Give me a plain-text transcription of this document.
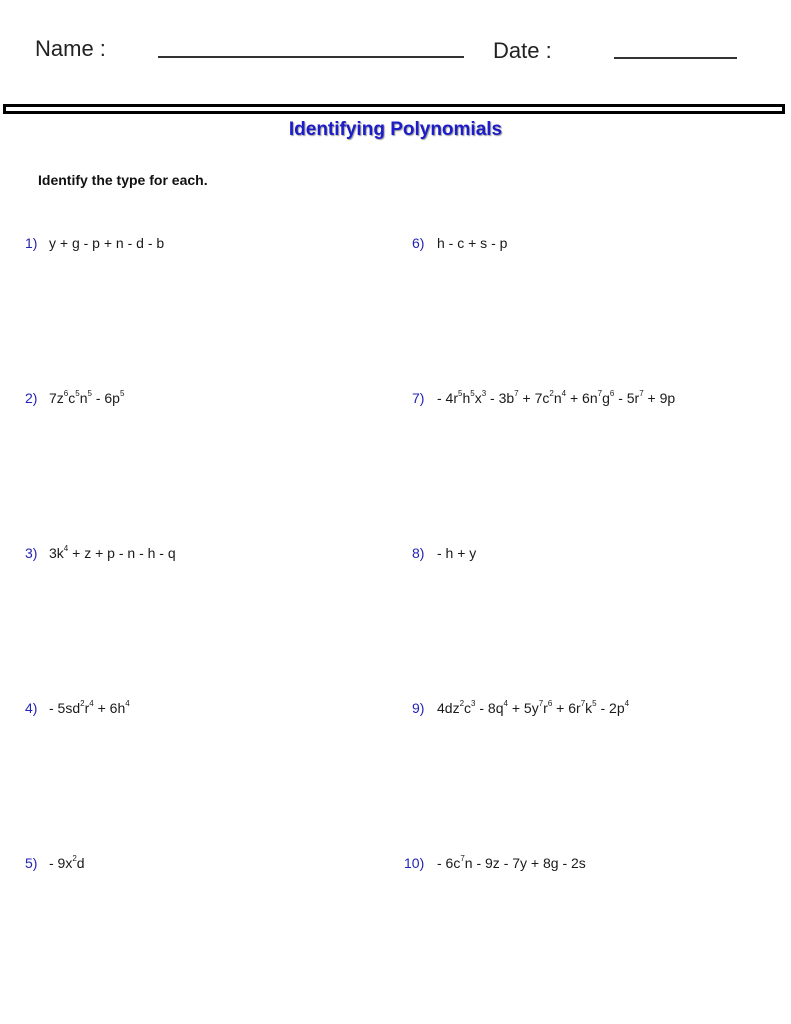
Name :	Date :
Identifying Polynomials
Identify the type for each.
1) y + g - p + n - d - b
2) $7z^6c^5n^5 - 6p^5$
3) $3k^4 + z + p - n - h - q$
$4) - 5sd^2r^4 + 6h^4$
$5) - 9x^2d$
6) h - c + s - p
$7) - 4r^5h^5x^3 - 3b^7 + 7c^2n^4 + 6n^7g^6 - 5r^7 + 9p$
8) - h + y
9) $4dz^2c^3 - 8q^4 + 5y^7r^6 + 6r^7k^5 - 2p^4$
$10) - 6c^7n - 9z - 7y + 8g - 2s$
